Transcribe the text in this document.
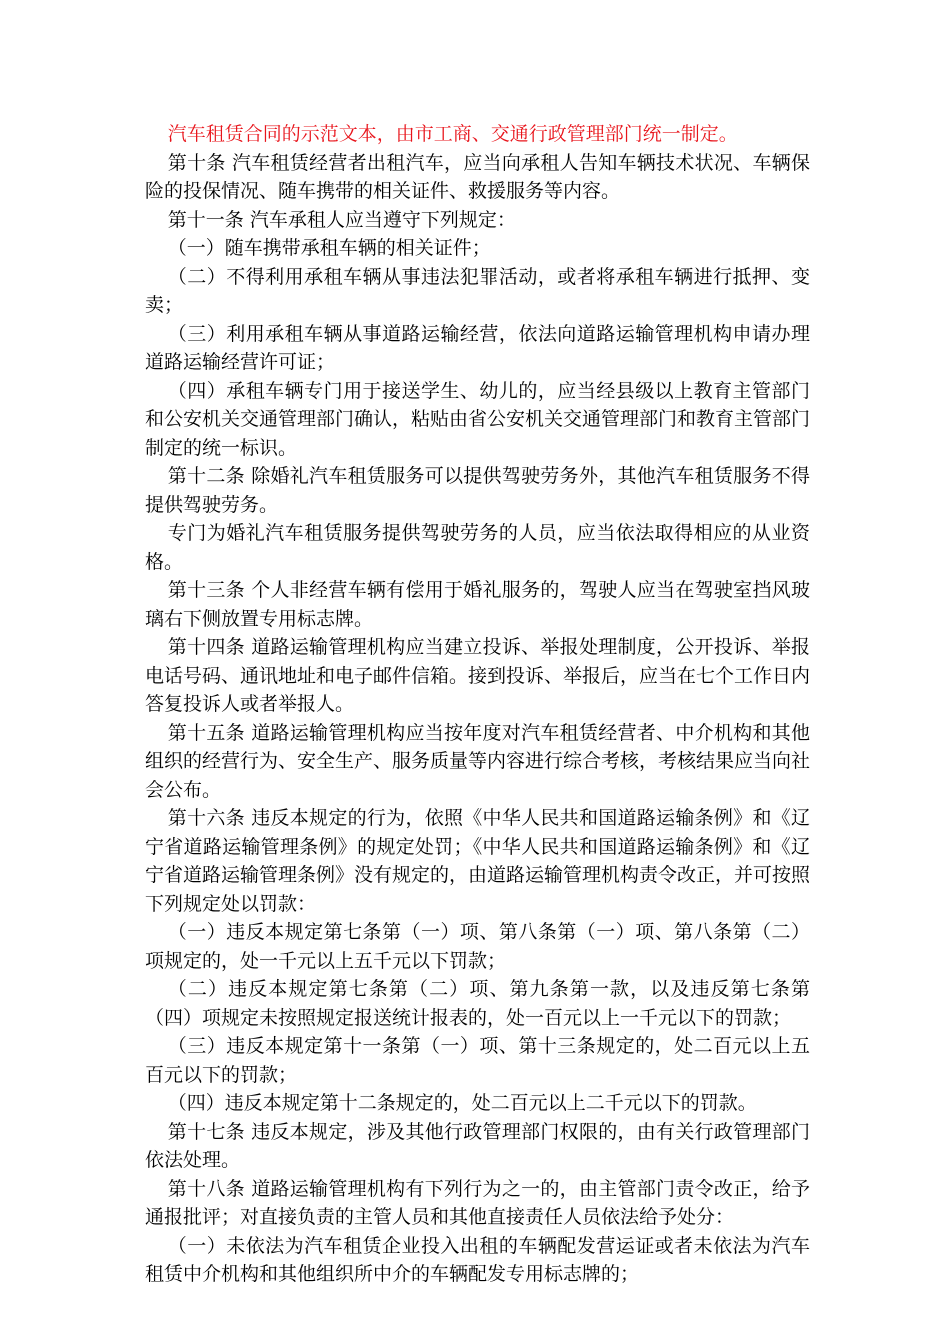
汽车租赁合同的示范文本，由市工商、交通行政管理部门统一制定。

第十条 汽车租赁经营者出租汽车，应当向承租人告知车辆技术状况、车辆保险的投保情况、随车携带的相关证件、救援服务等内容。

第十一条 汽车承租人应当遵守下列规定：

（一）随车携带承租车辆的相关证件；

（二）不得利用承租车辆从事违法犯罪活动，或者将承租车辆进行抵押、变卖；

（三）利用承租车辆从事道路运输经营，依法向道路运输管理机构申请办理道路运输经营许可证；

（四）承租车辆专门用于接送学生、幼儿的，应当经县级以上教育主管部门和公安机关交通管理部门确认，粘贴由省公安机关交通管理部门和教育主管部门制定的统一标识。

第十二条 除婚礼汽车租赁服务可以提供驾驶劳务外，其他汽车租赁服务不得提供驾驶劳务。

专门为婚礼汽车租赁服务提供驾驶劳务的人员，应当依法取得相应的从业资格。

第十三条 个人非经营车辆有偿用于婚礼服务的，驾驶人应当在驾驶室挡风玻璃右下侧放置专用标志牌。

第十四条 道路运输管理机构应当建立投诉、举报处理制度，公开投诉、举报电话号码、通讯地址和电子邮件信箱。接到投诉、举报后，应当在七个工作日内答复投诉人或者举报人。

第十五条 道路运输管理机构应当按年度对汽车租赁经营者、中介机构和其他组织的经营行为、安全生产、服务质量等内容进行综合考核，考核结果应当向社会公布。

第十六条 违反本规定的行为，依照《中华人民共和国道路运输条例》和《辽宁省道路运输管理条例》的规定处罚；《中华人民共和国道路运输条例》和《辽宁省道路运输管理条例》没有规定的，由道路运输管理机构责令改正，并可按照下列规定处以罚款：

（一）违反本规定第七条第（一）项、第八条第（一）项、第八条第（二）项规定的，处一千元以上五千元以下罚款；

（二）违反本规定第七条第（二）项、第九条第一款，以及违反第七条第（四）项规定未按照规定报送统计报表的，处一百元以上一千元以下的罚款；

（三）违反本规定第十一条第（一）项、第十三条规定的，处二百元以上五百元以下的罚款；

（四）违反本规定第十二条规定的，处二百元以上二千元以下的罚款。

第十七条 违反本规定，涉及其他行政管理部门权限的，由有关行政管理部门依法处理。

第十八条 道路运输管理机构有下列行为之一的，由主管部门责令改正，给予通报批评；对直接负责的主管人员和其他直接责任人员依法给予处分：

（一）未依法为汽车租赁企业投入出租的车辆配发营运证或者未依法为汽车租赁中介机构和其他组织所中介的车辆配发专用标志牌的；
